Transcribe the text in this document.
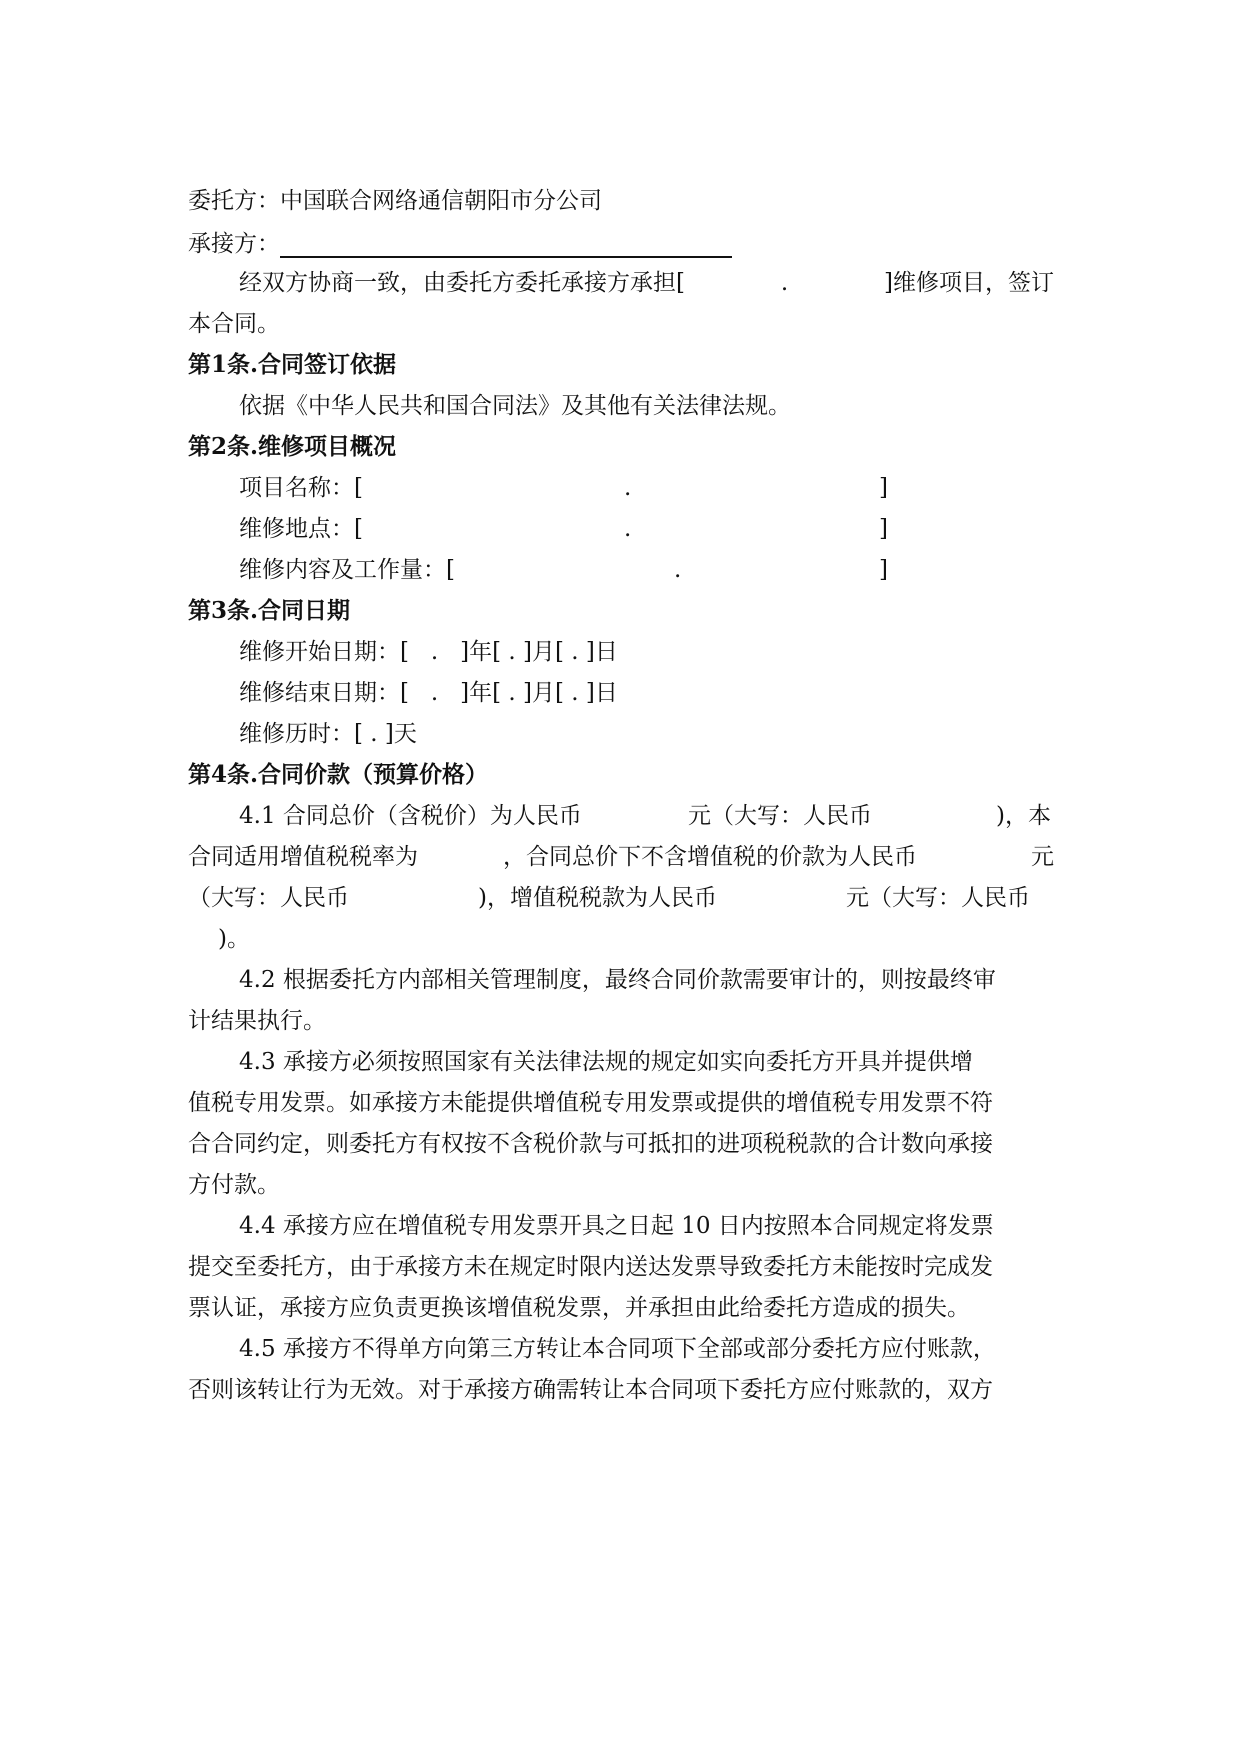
委托方：中国联合网络通信朝阳市分公司

承接方：

经双方协商一致，由委托方委托承接方承担[	.	]维修项目，签订

本合同。

第1条.合同签订依据

依据《中华人民共和国合同法》及其他有关法律法规。

第2条.维修项目概况

项目名称：[	.	]

维修地点：[	.	]

维修内容及工作量：[	.	]

第3条.合同日期

维修开始日期：[   .   ]年[ . ]月[ . ]日

维修结束日期：[   .   ]年[ . ]月[ . ]日

维修历时：[ . ]天

第4条.合同价款（预算价格）

4.1 合同总价（含税价）为人民币	元（大写：人民币	)，本

合同适用增值税税率为	，合同总价下不含增值税的价款为人民币	元

（大写：人民币	)，增值税税款为人民币	元（大写：人民币

)。

4.2 根据委托方内部相关管理制度，最终合同价款需要审计的，则按最终审

计结果执行。

4.3 承接方必须按照国家有关法律法规的规定如实向委托方开具并提供增

值税专用发票。如承接方未能提供增值税专用发票或提供的增值税专用发票不符

合合同约定，则委托方有权按不含税价款与可抵扣的进项税税款的合计数向承接

方付款。

4.4 承接方应在增值税专用发票开具之日起 10 日内按照本合同规定将发票

提交至委托方，由于承接方未在规定时限内送达发票导致委托方未能按时完成发

票认证，承接方应负责更换该增值税发票，并承担由此给委托方造成的损失。

4.5 承接方不得单方向第三方转让本合同项下全部或部分委托方应付账款，

否则该转让行为无效。对于承接方确需转让本合同项下委托方应付账款的，双方
